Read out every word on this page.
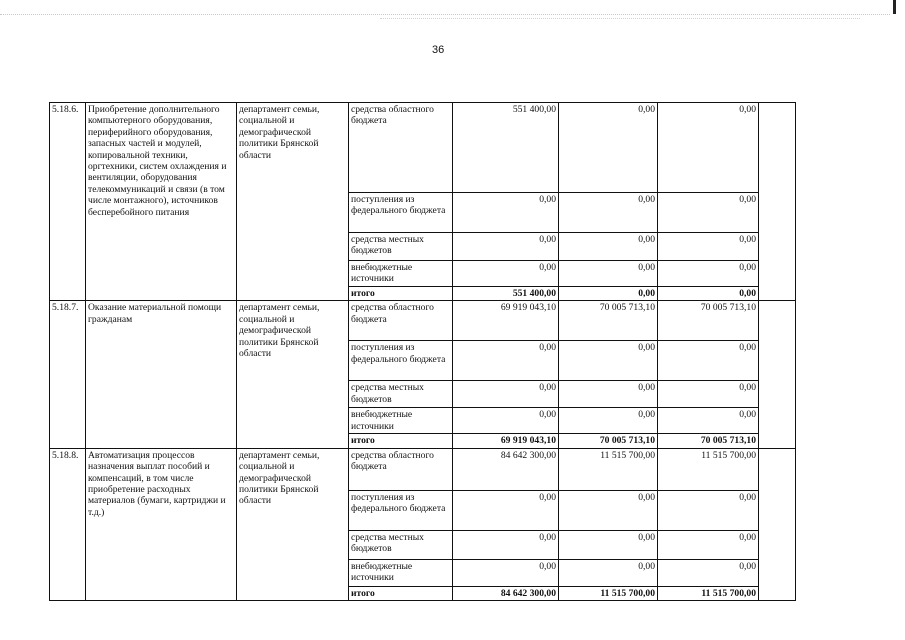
36
5.18.6.	Приобретение дополнительного компьютерного оборудования, периферийного оборудования, запасных частей и модулей, копировальной техники, оргтехники, систем охлаждения и вентиляции, оборудования телекоммуникаций и связи (в том числе монтажного), источников бесперебойного питания	департамент семьи, социальной и демографической политики Брянской области	средства областного бюджета	551 400,00	0,00	0,00	
			поступления из федерального бюджета	0,00	0,00	0,00	
			средства местных бюджетов	0,00	0,00	0,00	
			внебюджетные источники	0,00	0,00	0,00	
			итого	551 400,00	0,00	0,00	
5.18.7.	Оказание материальной помощи гражданам	департамент семьи, социальной и демографической политики Брянской области	средства областного бюджета	69 919 043,10	70 005 713,10	70 005 713,10	
			поступления из федерального бюджета	0,00	0,00	0,00	
			средства местных бюджетов	0,00	0,00	0,00	
			внебюджетные источники	0,00	0,00	0,00	
			итого	69 919 043,10	70 005 713,10	70 005 713,10	
5.18.8.	Автоматизация процессов назначения выплат пособий и компенсаций, в том числе приобретение расходных материалов (бумаги, картриджи и т.д.)	департамент семьи, социальной и демографической политики Брянской области	средства областного бюджета	84 642 300,00	11 515 700,00	11 515 700,00	
			поступления из федерального бюджета	0,00	0,00	0,00	
			средства местных бюджетов	0,00	0,00	0,00	
			внебюджетные источники	0,00	0,00	0,00	
			итого	84 642 300,00	11 515 700,00	11 515 700,00	
